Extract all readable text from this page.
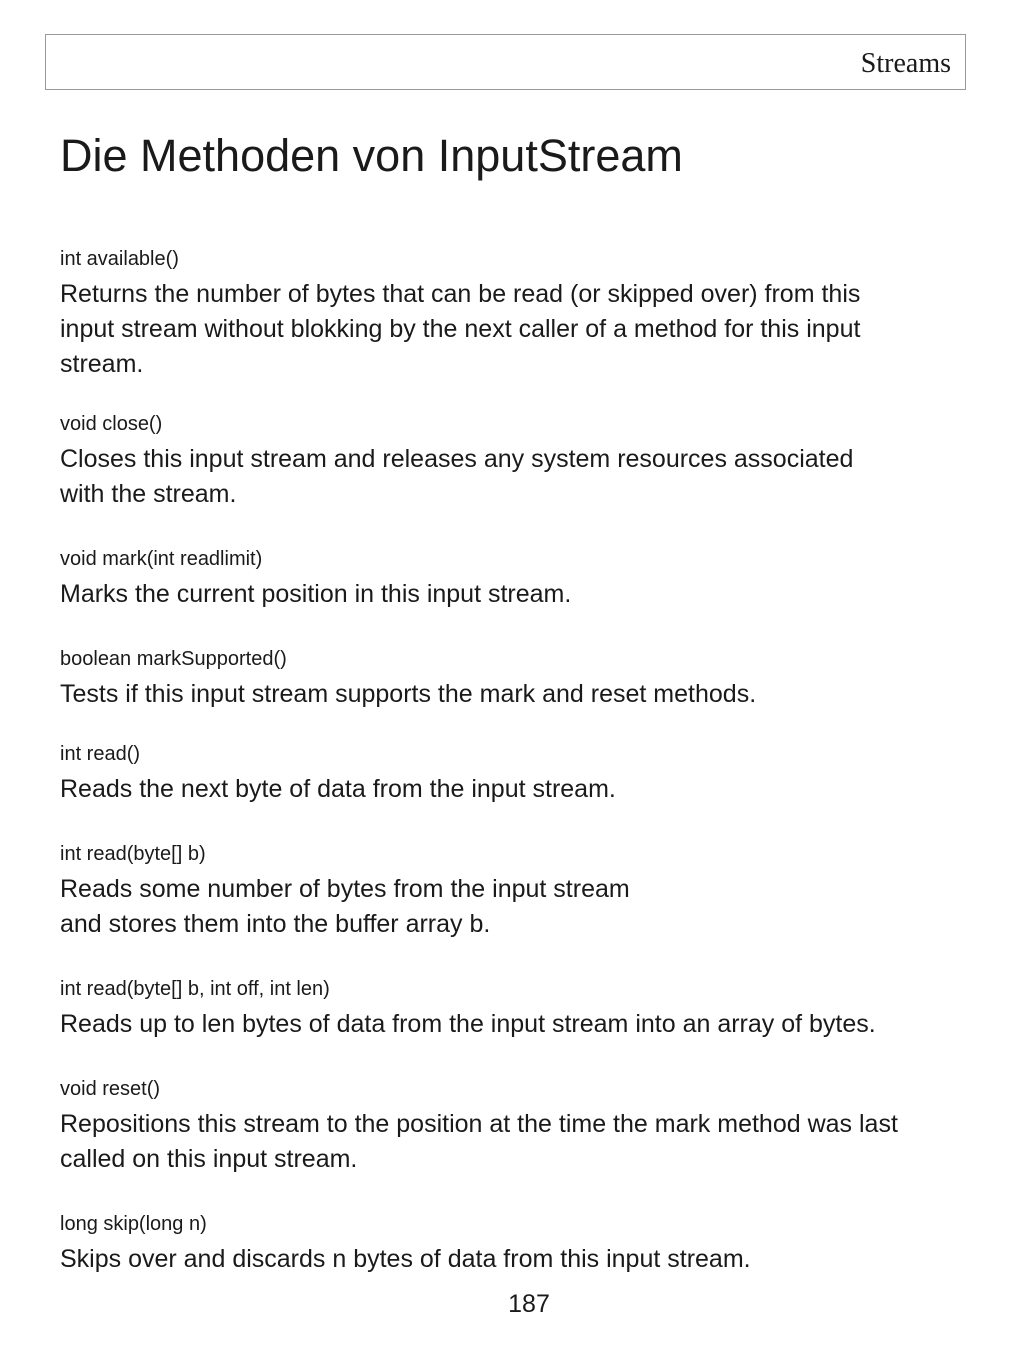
Streams
Die Methoden von InputStream
int available()
Returns the number of bytes that can be read (or skipped over) from this
input stream without blokking by the next caller of a method for this input
stream.
void close()
Closes this input stream and releases any system resources associated
with the stream.
void mark(int readlimit)
Marks the current position in this input stream.
boolean markSupported()
Tests if this input stream supports the mark and reset methods.
int read()
Reads the next byte of data from the input stream.
int read(byte[] b)
Reads some number of bytes from the input stream
and stores them into the buffer array b.
int read(byte[] b, int off, int len)
Reads up to len bytes of data from the input stream into an array of bytes.
void reset()
Repositions this stream to the position at the time the mark method was last
called on this input stream.
long skip(long n)
Skips over and discards n bytes of data from this input stream.
187
